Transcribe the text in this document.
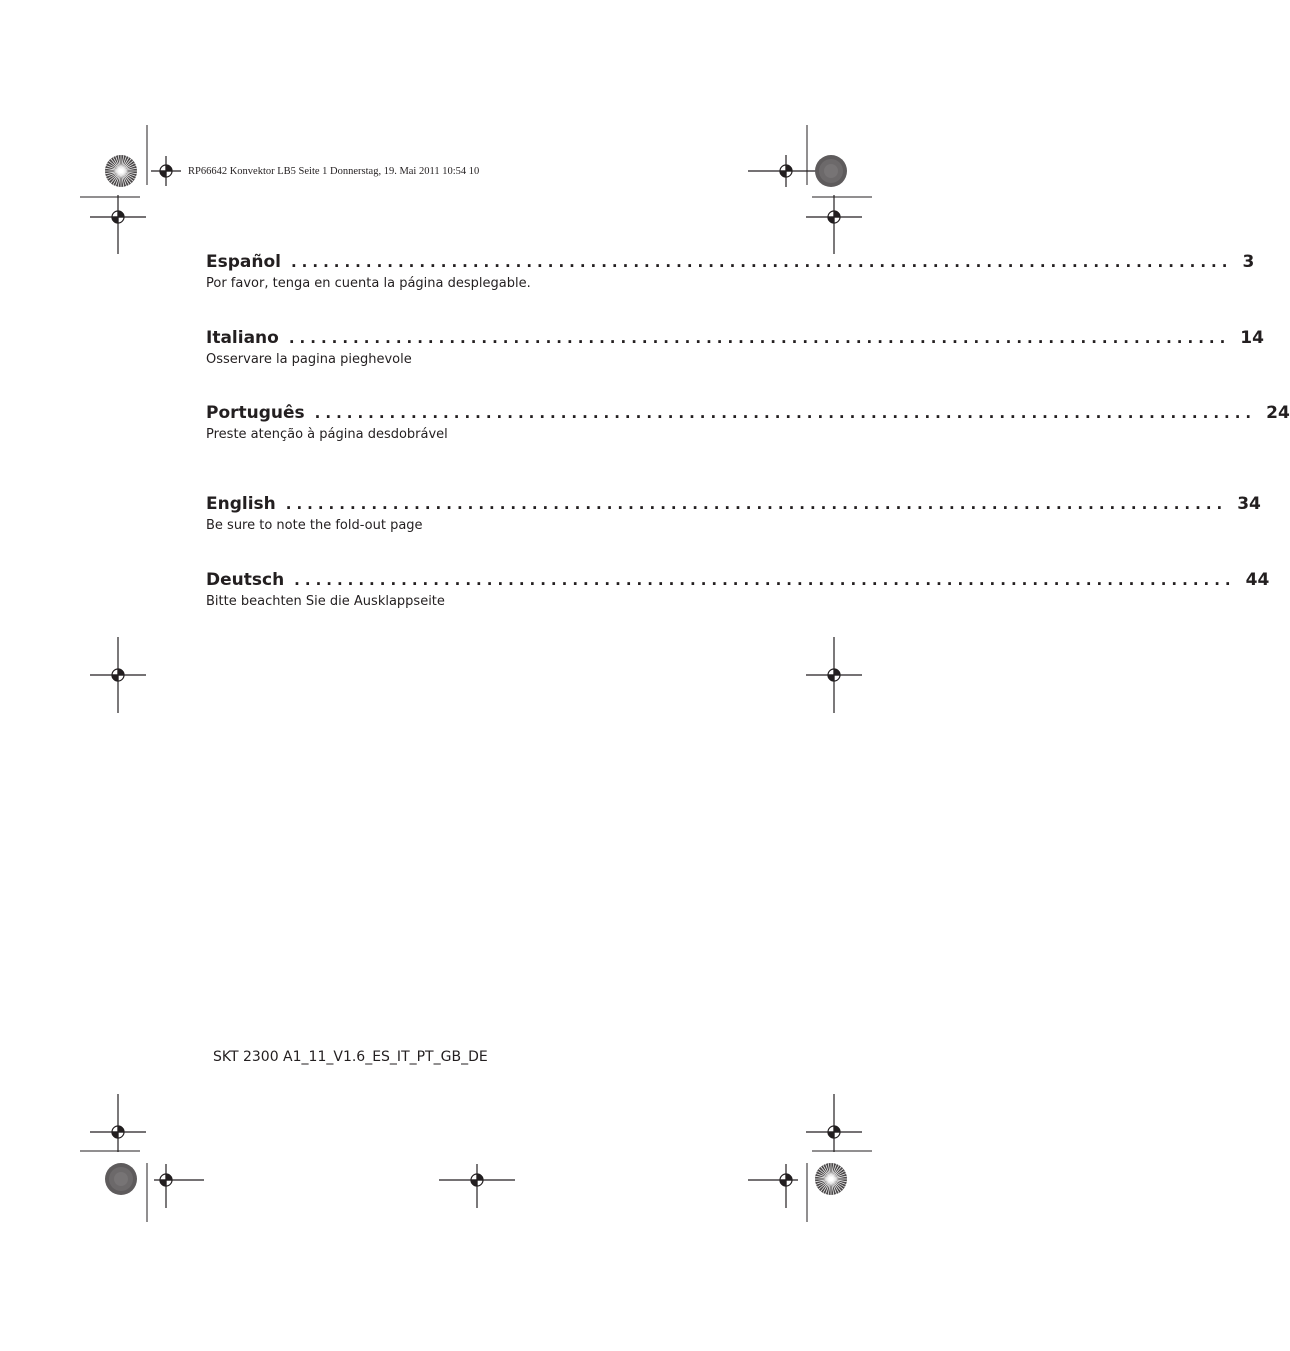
RP66642 Konvektor LB5 Seite 1 Donnerstag, 19. Mai 2011 10:54 10
Español ........................................................................................ 3
Por favor, tenga en cuenta la página desplegable.
Italiano ........................................................................................ 14
Osservare la pagina pieghevole
Português ........................................................................................ 24
Preste atenção à página desdobrável
English ........................................................................................ 34
Be sure to note the fold-out page
Deutsch ........................................................................................ 44
Bitte beachten Sie die Ausklappseite
SKT 2300 A1_11_V1.6_ES_IT_PT_GB_DE
